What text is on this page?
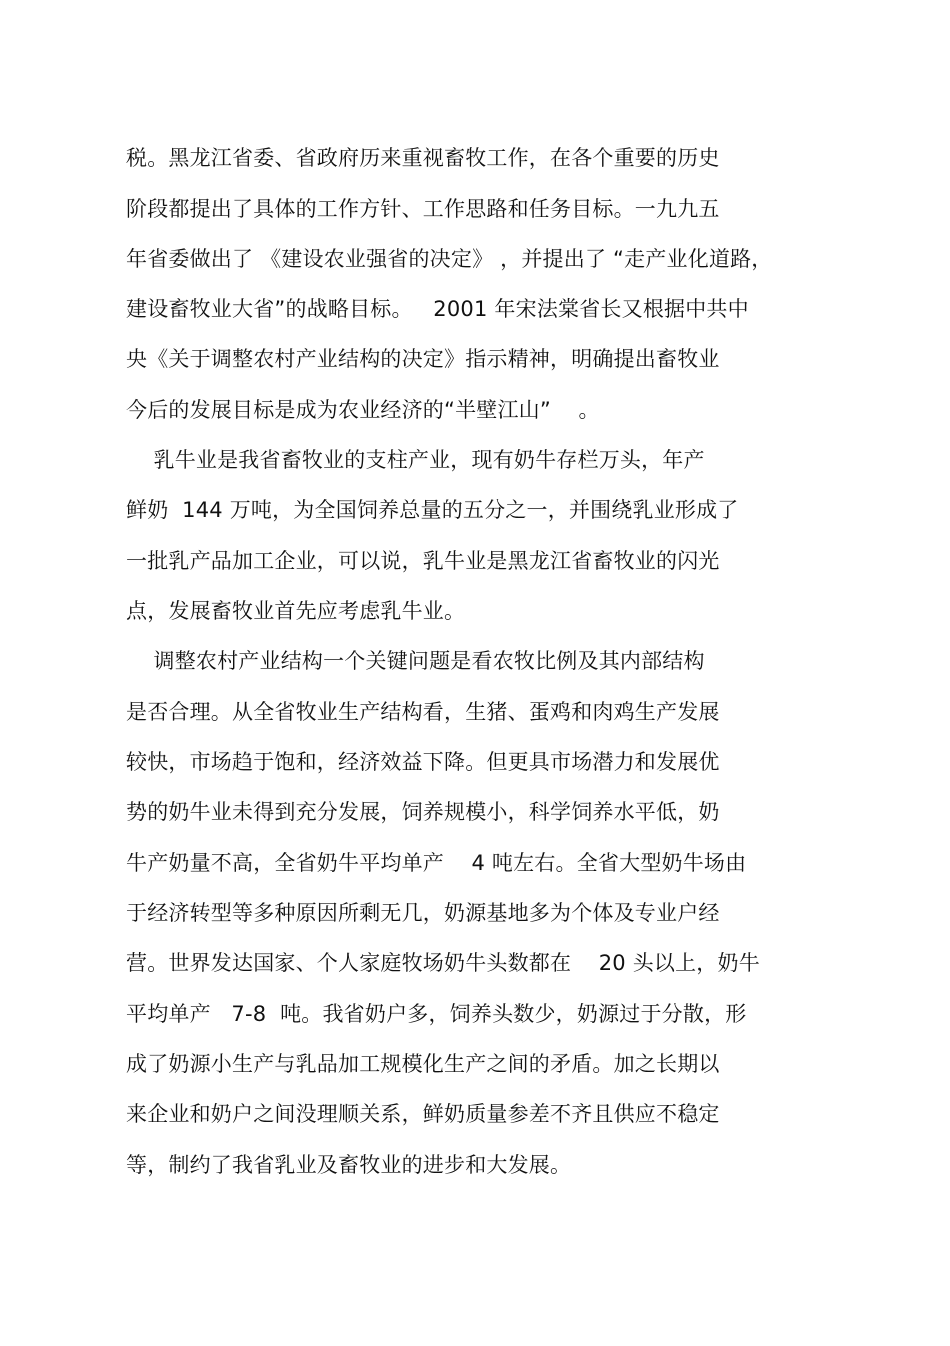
税。黑龙江省委、省政府历来重视畜牧工作，在各个重要的历史
阶段都提出了具体的工作方针、工作思路和任务目标。一九九五
年省委做出了 《建设农业强省的决定》 ，并提出了 “走产业化道路，
建设畜牧业大省”的战略目标。   2001 年宋法棠省长又根据中共中
央《关于调整农村产业结构的决定》指示精神，明确提出畜牧业
今后的发展目标是成为农业经济的“半壁江山”    。
乳牛业是我省畜牧业的支柱产业，现有奶牛存栏万头，年产
鲜奶  144 万吨，为全国饲养总量的五分之一，并围绕乳业形成了
一批乳产品加工企业，可以说，乳牛业是黑龙江省畜牧业的闪光
点，发展畜牧业首先应考虑乳牛业。
调整农村产业结构一个关键问题是看农牧比例及其内部结构
是否合理。从全省牧业生产结构看，生猪、蛋鸡和肉鸡生产发展
较快，市场趋于饱和，经济效益下降。但更具市场潜力和发展优
势的奶牛业未得到充分发展，饲养规模小，科学饲养水平低，奶
牛产奶量不高，全省奶牛平均单产    4 吨左右。全省大型奶牛场由
于经济转型等多种原因所剩无几，奶源基地多为个体及专业户经
营。世界发达国家、个人家庭牧场奶牛头数都在    20 头以上，奶牛
平均单产   7-8  吨。我省奶户多，饲养头数少，奶源过于分散，形
成了奶源小生产与乳品加工规模化生产之间的矛盾。加之长期以
来企业和奶户之间没理顺关系，鲜奶质量参差不齐且供应不稳定
等，制约了我省乳业及畜牧业的进步和大发展。
